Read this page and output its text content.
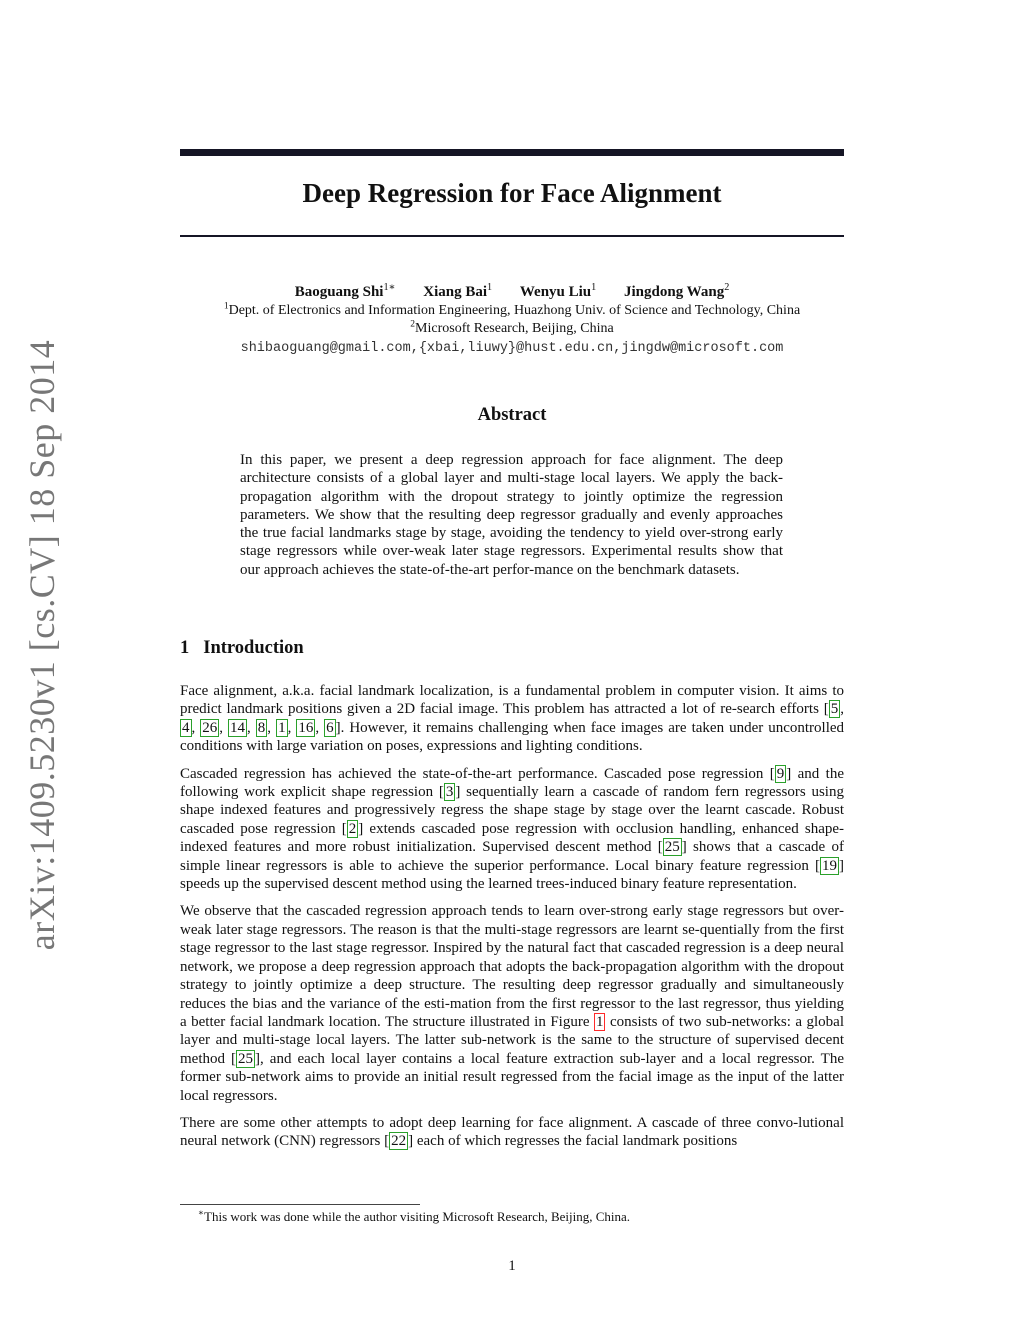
arXiv:1409.5230v1 [cs.CV] 18 Sep 2014
Deep Regression for Face Alignment
Baoguang Shi$^{1∗}$ Xiang Bai$^1$ Wenyu Liu$^1$ Jingdong Wang$^2$
$^1$Dept. of Electronics and Information Engineering, Huazhong Univ. of Science and Technology, China
$^2$Microsoft Research, Beijing, China
shibaoguang@gmail.com,{xbai,liuwy}@hust.edu.cn,jingdw@microsoft.com
Abstract

In this paper, we present a deep regression approach for face alignment. The deep architecture consists of a global layer and multi-stage local layers. We apply the back-propagation algorithm with the dropout strategy to jointly optimize the regression parameters. We show that the resulting deep regressor gradually and evenly approaches the true facial landmarks stage by stage, avoiding the tendency to yield over-strong early stage regressors while over-weak later stage regressors. Experimental results show that our approach achieves the state-of-the-art perfor-mance on the benchmark datasets.

1 Introduction

Face alignment, a.k.a. facial landmark localization, is a fundamental problem in computer vision. It aims to predict landmark positions given a 2D facial image. This problem has attracted a lot of re-search efforts [ 5 , 4 , 26 , 14 , 8 , 1 , 16 , 6 ]. However, it remains challenging when face images are taken under uncontrolled conditions with large variation on poses, expressions and lighting conditions.

Cascaded regression has achieved the state-of-the-art performance. Cascaded pose regression [ 9 ] and the following work explicit shape regression [ 3 ] sequentially learn a cascade of random fern regressors using shape indexed features and progressively regress the shape stage by stage over the learnt cascade. Robust cascaded pose regression [ 2 ] extends cascaded pose regression with occlusion handling, enhanced shape-indexed features and more robust initialization. Supervised descent method [ 25 ] shows that a cascade of simple linear regressors is able to achieve the superior performance. Local binary feature regression [ 19 ] speeds up the supervised descent method using the learned trees-induced binary feature representation.

We observe that the cascaded regression approach tends to learn over-strong early stage regressors but over-weak later stage regressors. The reason is that the multi-stage regressors are learnt se-quentially from the first stage regressor to the last stage regressor. Inspired by the natural fact that cascaded regression is a deep neural network, we propose a deep regression approach that adopts the back-propagation algorithm with the dropout strategy to jointly optimize a deep structure. The resulting deep regressor gradually and simultaneously reduces the bias and the variance of the esti-mation from the first regressor to the last regressor, thus yielding a better facial landmark location. The structure illustrated in Figure 1 consists of two sub-networks: a global layer and multi-stage local layers. The latter sub-network is the same to the structure of supervised decent method [ 25 ], and each local layer contains a local feature extraction sub-layer and a local regressor. The former sub-network aims to provide an initial result regressed from the facial image as the input of the latter local regressors.

There are some other attempts to adopt deep learning for face alignment. A cascade of three convo-lutional neural network (CNN) regressors [ 22 ] each of which regresses the facial landmark positions

∗This work was done while the author visiting Microsoft Research, Beijing, China.
1
